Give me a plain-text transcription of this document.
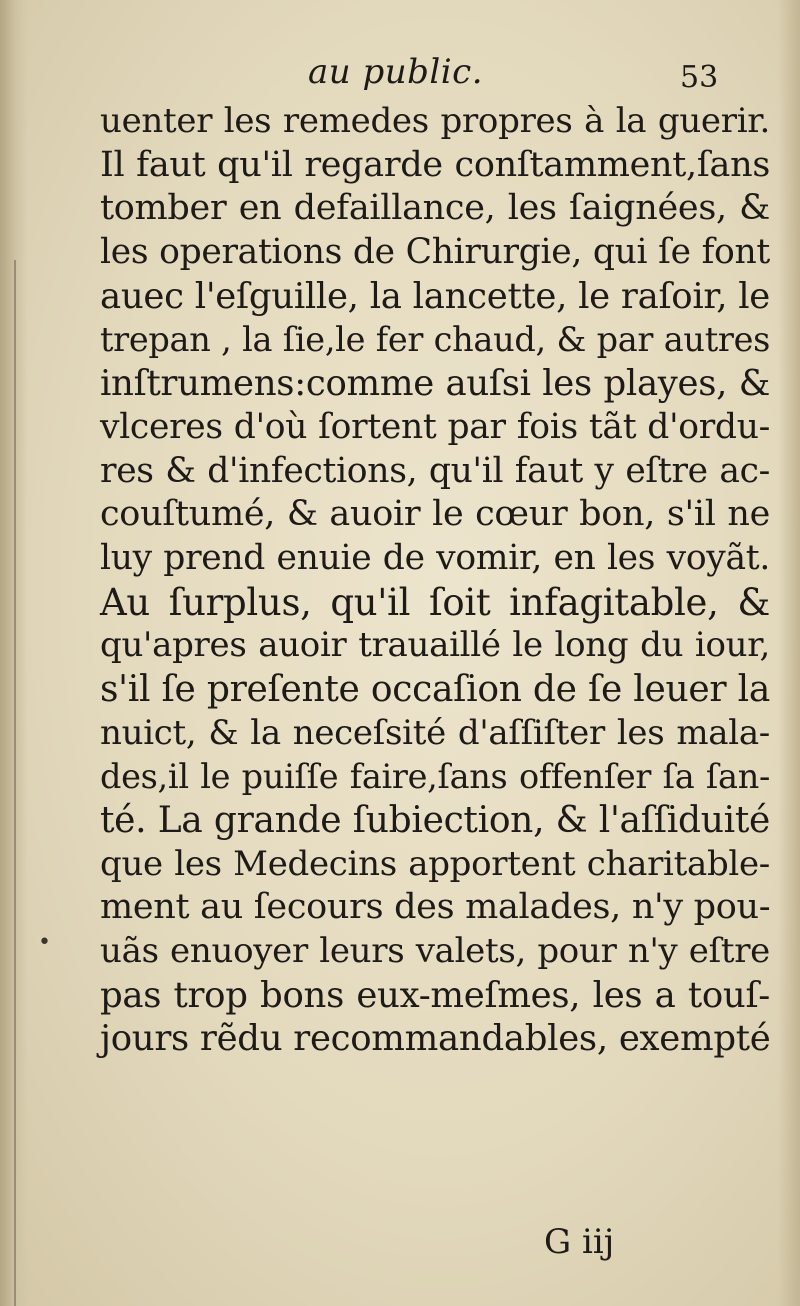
au public.	53
uenter les remedes propres à la guerir.
Il faut qu'il regarde conſtamment,ſans
tomber en defaillance, les ſaignées, &
les operations de Chirurgie, qui ſe font
auec l'eſguille, la lancette, le raſoir, le
trepan , la ſie,le fer chaud, & par autres
inſtrumens:comme auſsi les playes, &
vlceres d'où ſortent par fois tãt d'ordu-
res & d'infections, qu'il faut y eſtre ac-
couſtumé, & auoir le cœur bon, s'il ne
luy prend enuie de vomir, en les voyãt.
Au ſurplus, qu'il ſoit infagitable, &
qu'apres auoir trauaillé le long du iour,
s'il ſe preſente occaſion de ſe leuer la
nuict, & la neceſsité d'aſſiſter les mala-
des,il le puiſſe faire,ſans offenſer ſa ſan-
té. La grande ſubiection, & l'aſſiduité
que les Medecins apportent charitable-
ment au ſecours des malades, n'y pou-
uãs enuoyer leurs valets, pour n'y eſtre
pas trop bons eux-meſmes, les a touſ-
jours rẽdu recommandables, exempté
G iij
•
